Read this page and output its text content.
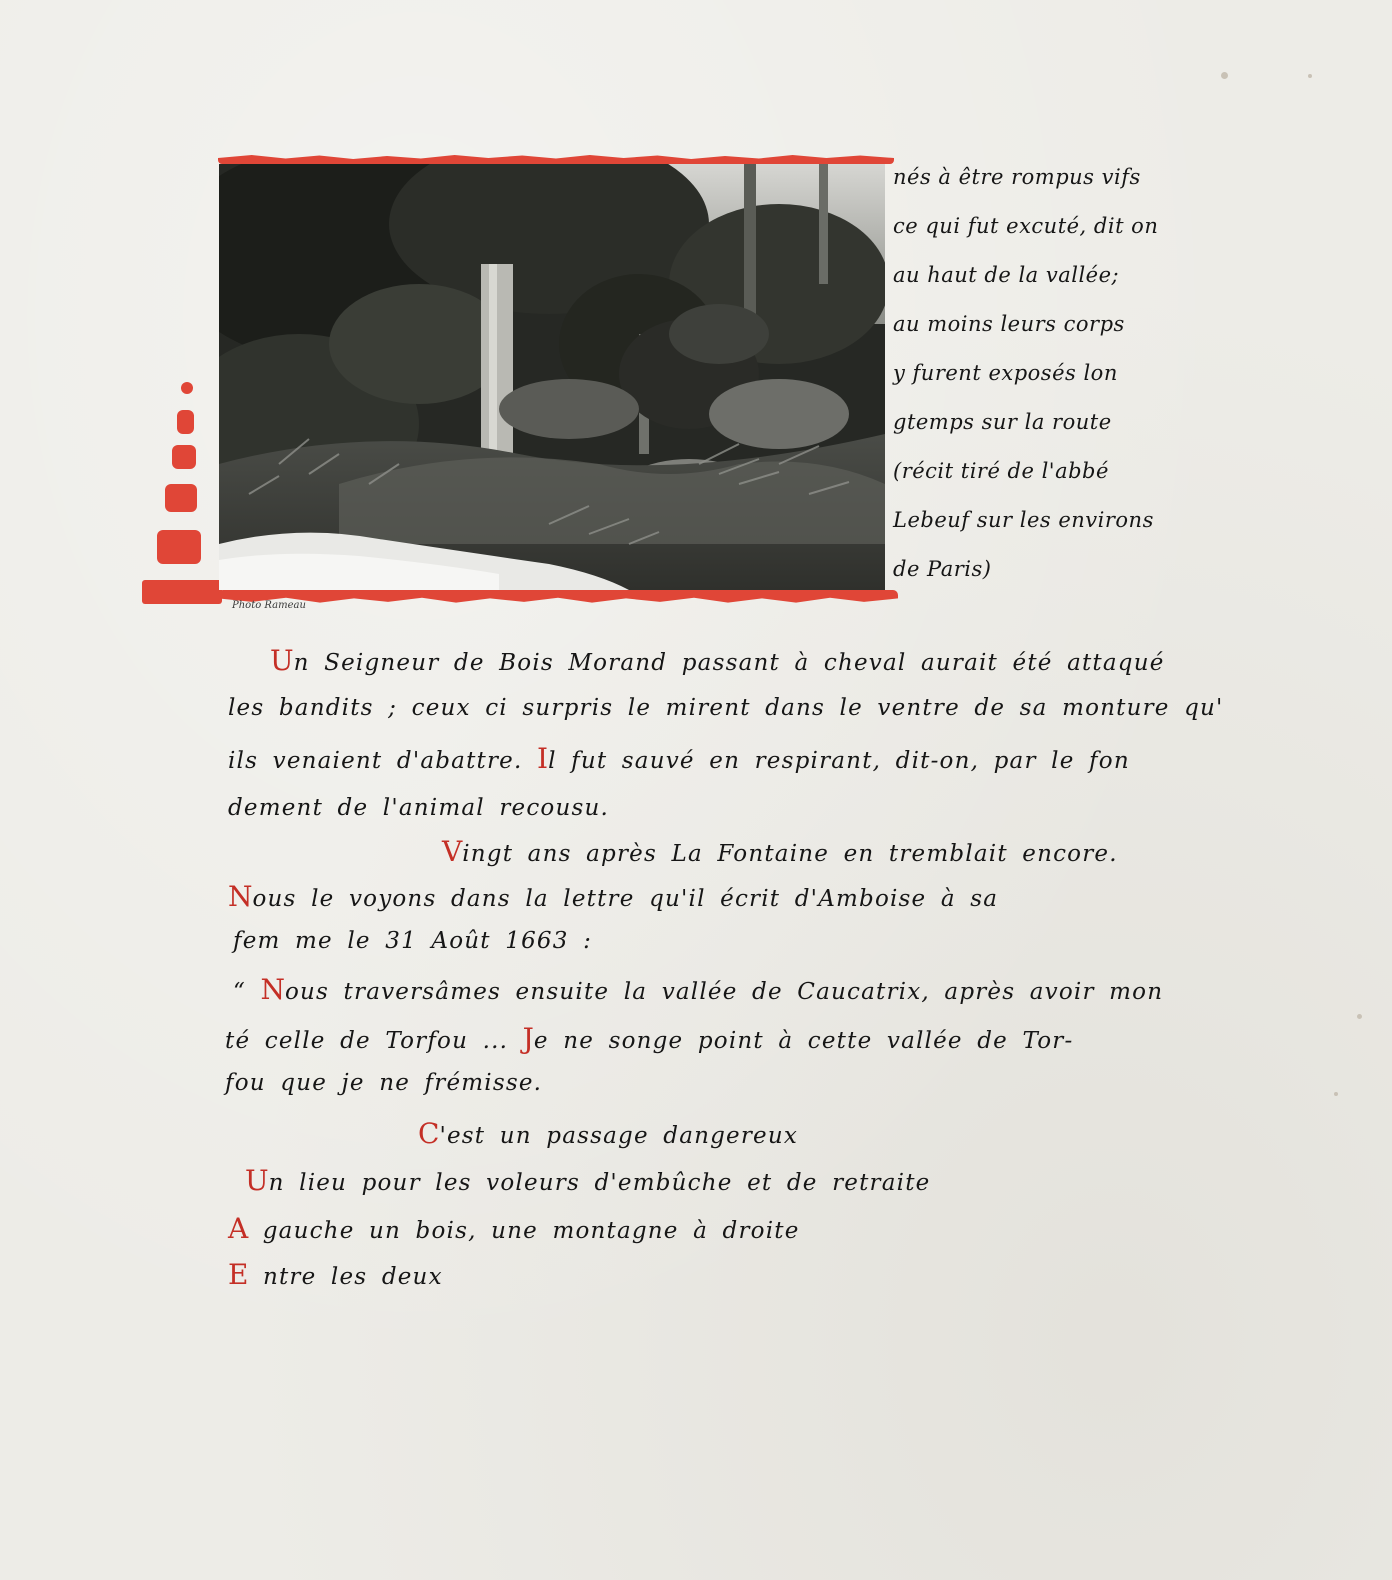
Photo Rameau
nés à être rompus vifs
ce qui fut excuté, dit on
au haut de la vallée;
au moins leurs corps
y furent exposés lon
gtemps sur la route
(récit tiré de l'abbé
Lebeuf sur les environs
de Paris)
Un Seigneur de Bois Morand passant à cheval aurait été attaqué
les bandits ; ceux ci surpris le mirent dans le ventre de sa monture qu'
ils venaient d'abattre. Il fut sauvé en respirant, dit-on, par le fon
dement de l'animal recousu.
Vingt ans après La Fontaine en tremblait encore.
Nous le voyons dans la lettre qu'il écrit d'Amboise à sa
fem me le 31 Août 1663 :
“ Nous traversâmes ensuite la vallée de Caucatrix, après avoir mon
té celle de Torfou ... Je ne songe point à cette vallée de Tor-
fou que je ne frémisse.
C'est un passage dangereux
Un lieu pour les voleurs d'embûche et de retraite
A gauche un bois, une montagne à droite
E ntre les deux
